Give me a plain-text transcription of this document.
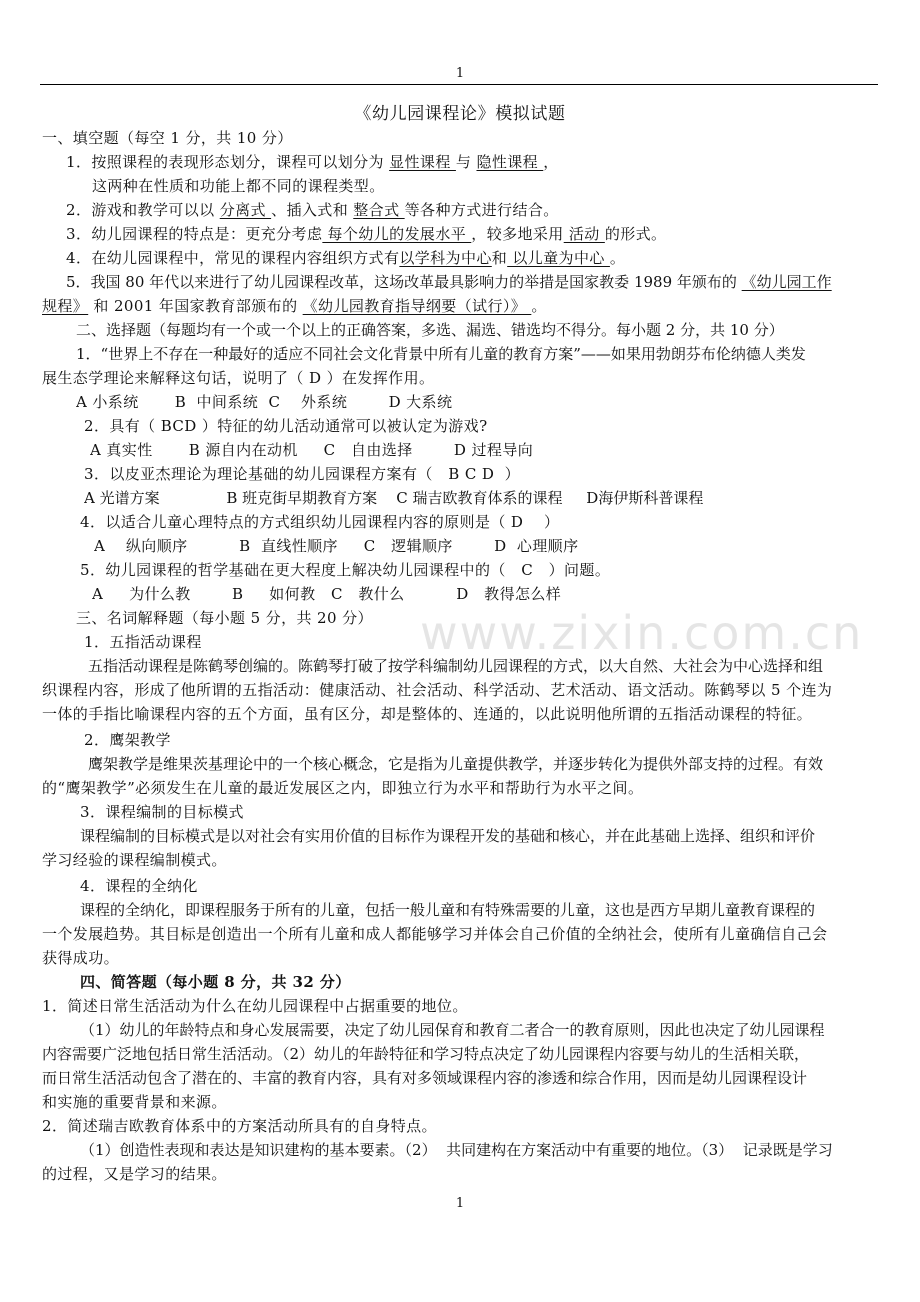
1
www.zixin.com.cn
《幼儿园课程论》模拟试题
一、填空题（每空 1 分，共 10 分）
1．按照课程的表现形态划分，课程可以划分为 显性课程 与 隐性课程 ，
这两种在性质和功能上都不同的课程类型。
2．游戏和教学可以以 分离式 、插入式和 整合式 等各种方式进行结合。
3．幼儿园课程的特点是：更充分考虑 每个幼儿的发展水平 ，较多地采用 活动 的形式。
4．在幼儿园课程中，常见的课程内容组织方式有以学科为中心和 以儿童为中心 。
5．我国 80 年代以来进行了幼儿园课程改革，这场改革最具影响力的举措是国家教委 1989 年颁布的 《幼儿园工作
规程》 和 2001 年国家教育部颁布的 《幼儿园教育指导纲要（试行）》 。
二、选择题（每题均有一个或一个以上的正确答案，多选、漏选、错选均不得分。每小题 2 分，共 10 分）
1．“世界上不存在一种最好的适应不同社会文化背景中所有儿童的教育方案”——如果用勃朗芬布伦纳德人类发
展生态学理论来解释这句话，说明了（ D ）在发挥作用。
A 小系统       B  中间系统  C    外系统        D 大系统
2．具有（ BCD ）特征的幼儿活动通常可以被认定为游戏?
A 真实性       B 源自内在动机     C   自由选择        D 过程导向
3．以皮亚杰理论为理论基础的幼儿园课程方案有（   B C D  ）
A 光谱方案              B 班克街早期教育方案    C 瑞吉欧教育体系的课程     D海伊斯科普课程
4．以适合儿童心理特点的方式组织幼儿园课程内容的原则是（ D    ）
A    纵向顺序          B  直线性顺序     C   逻辑顺序        D  心理顺序
5．幼儿园课程的哲学基础在更大程度上解决幼儿园课程中的（   C   ）问题。
A     为什么教        B     如何教   C   教什么          D   教得怎么样
三、名词解释题（每小题 5 分，共 20 分）
1．五指活动课程
五指活动课程是陈鹤琴创编的。陈鹤琴打破了按学科编制幼儿园课程的方式，以大自然、大社会为中心选择和组
织课程内容，形成了他所谓的五指活动：健康活动、社会活动、科学活动、艺术活动、语文活动。陈鹤琴以 5 个连为
一体的手指比喻课程内容的五个方面，虽有区分，却是整体的、连通的，以此说明他所谓的五指活动课程的特征。
2．鹰架教学
鹰架教学是维果茨基理论中的一个核心概念，它是指为儿童提供教学，并逐步转化为提供外部支持的过程。有效
的“鹰架教学”必须发生在儿童的最近发展区之内，即独立行为水平和帮助行为水平之间。
3．课程编制的目标模式
课程编制的目标模式是以对社会有实用价值的目标作为课程开发的基础和核心，并在此基础上选择、组织和评价
学习经验的课程编制模式。
4．课程的全纳化
课程的全纳化，即课程服务于所有的儿童，包括一般儿童和有特殊需要的儿童，这也是西方早期儿童教育课程的
一个发展趋势。其目标是创造出一个所有儿童和成人都能够学习并体会自己价值的全纳社会，使所有儿童确信自己会
获得成功。
四、简答题（每小题 8 分，共 32 分）
1．简述日常生活活动为什么在幼儿园课程中占据重要的地位。
（1）幼儿的年龄特点和身心发展需要，决定了幼儿园保育和教育二者合一的教育原则，因此也决定了幼儿园课程
内容需要广泛地包括日常生活活动。（2）幼儿的年龄特征和学习特点决定了幼儿园课程内容要与幼儿的生活相关联，
而日常生活活动包含了潜在的、丰富的教育内容，具有对多领域课程内容的渗透和综合作用，因而是幼儿园课程设计
和实施的重要背景和来源。
2．简述瑞吉欧教育体系中的方案活动所具有的自身特点。
（1）创造性表现和表达是知识建构的基本要素。（2）  共同建构在方案活动中有重要的地位。（3）  记录既是学习
的过程，又是学习的结果。
1
